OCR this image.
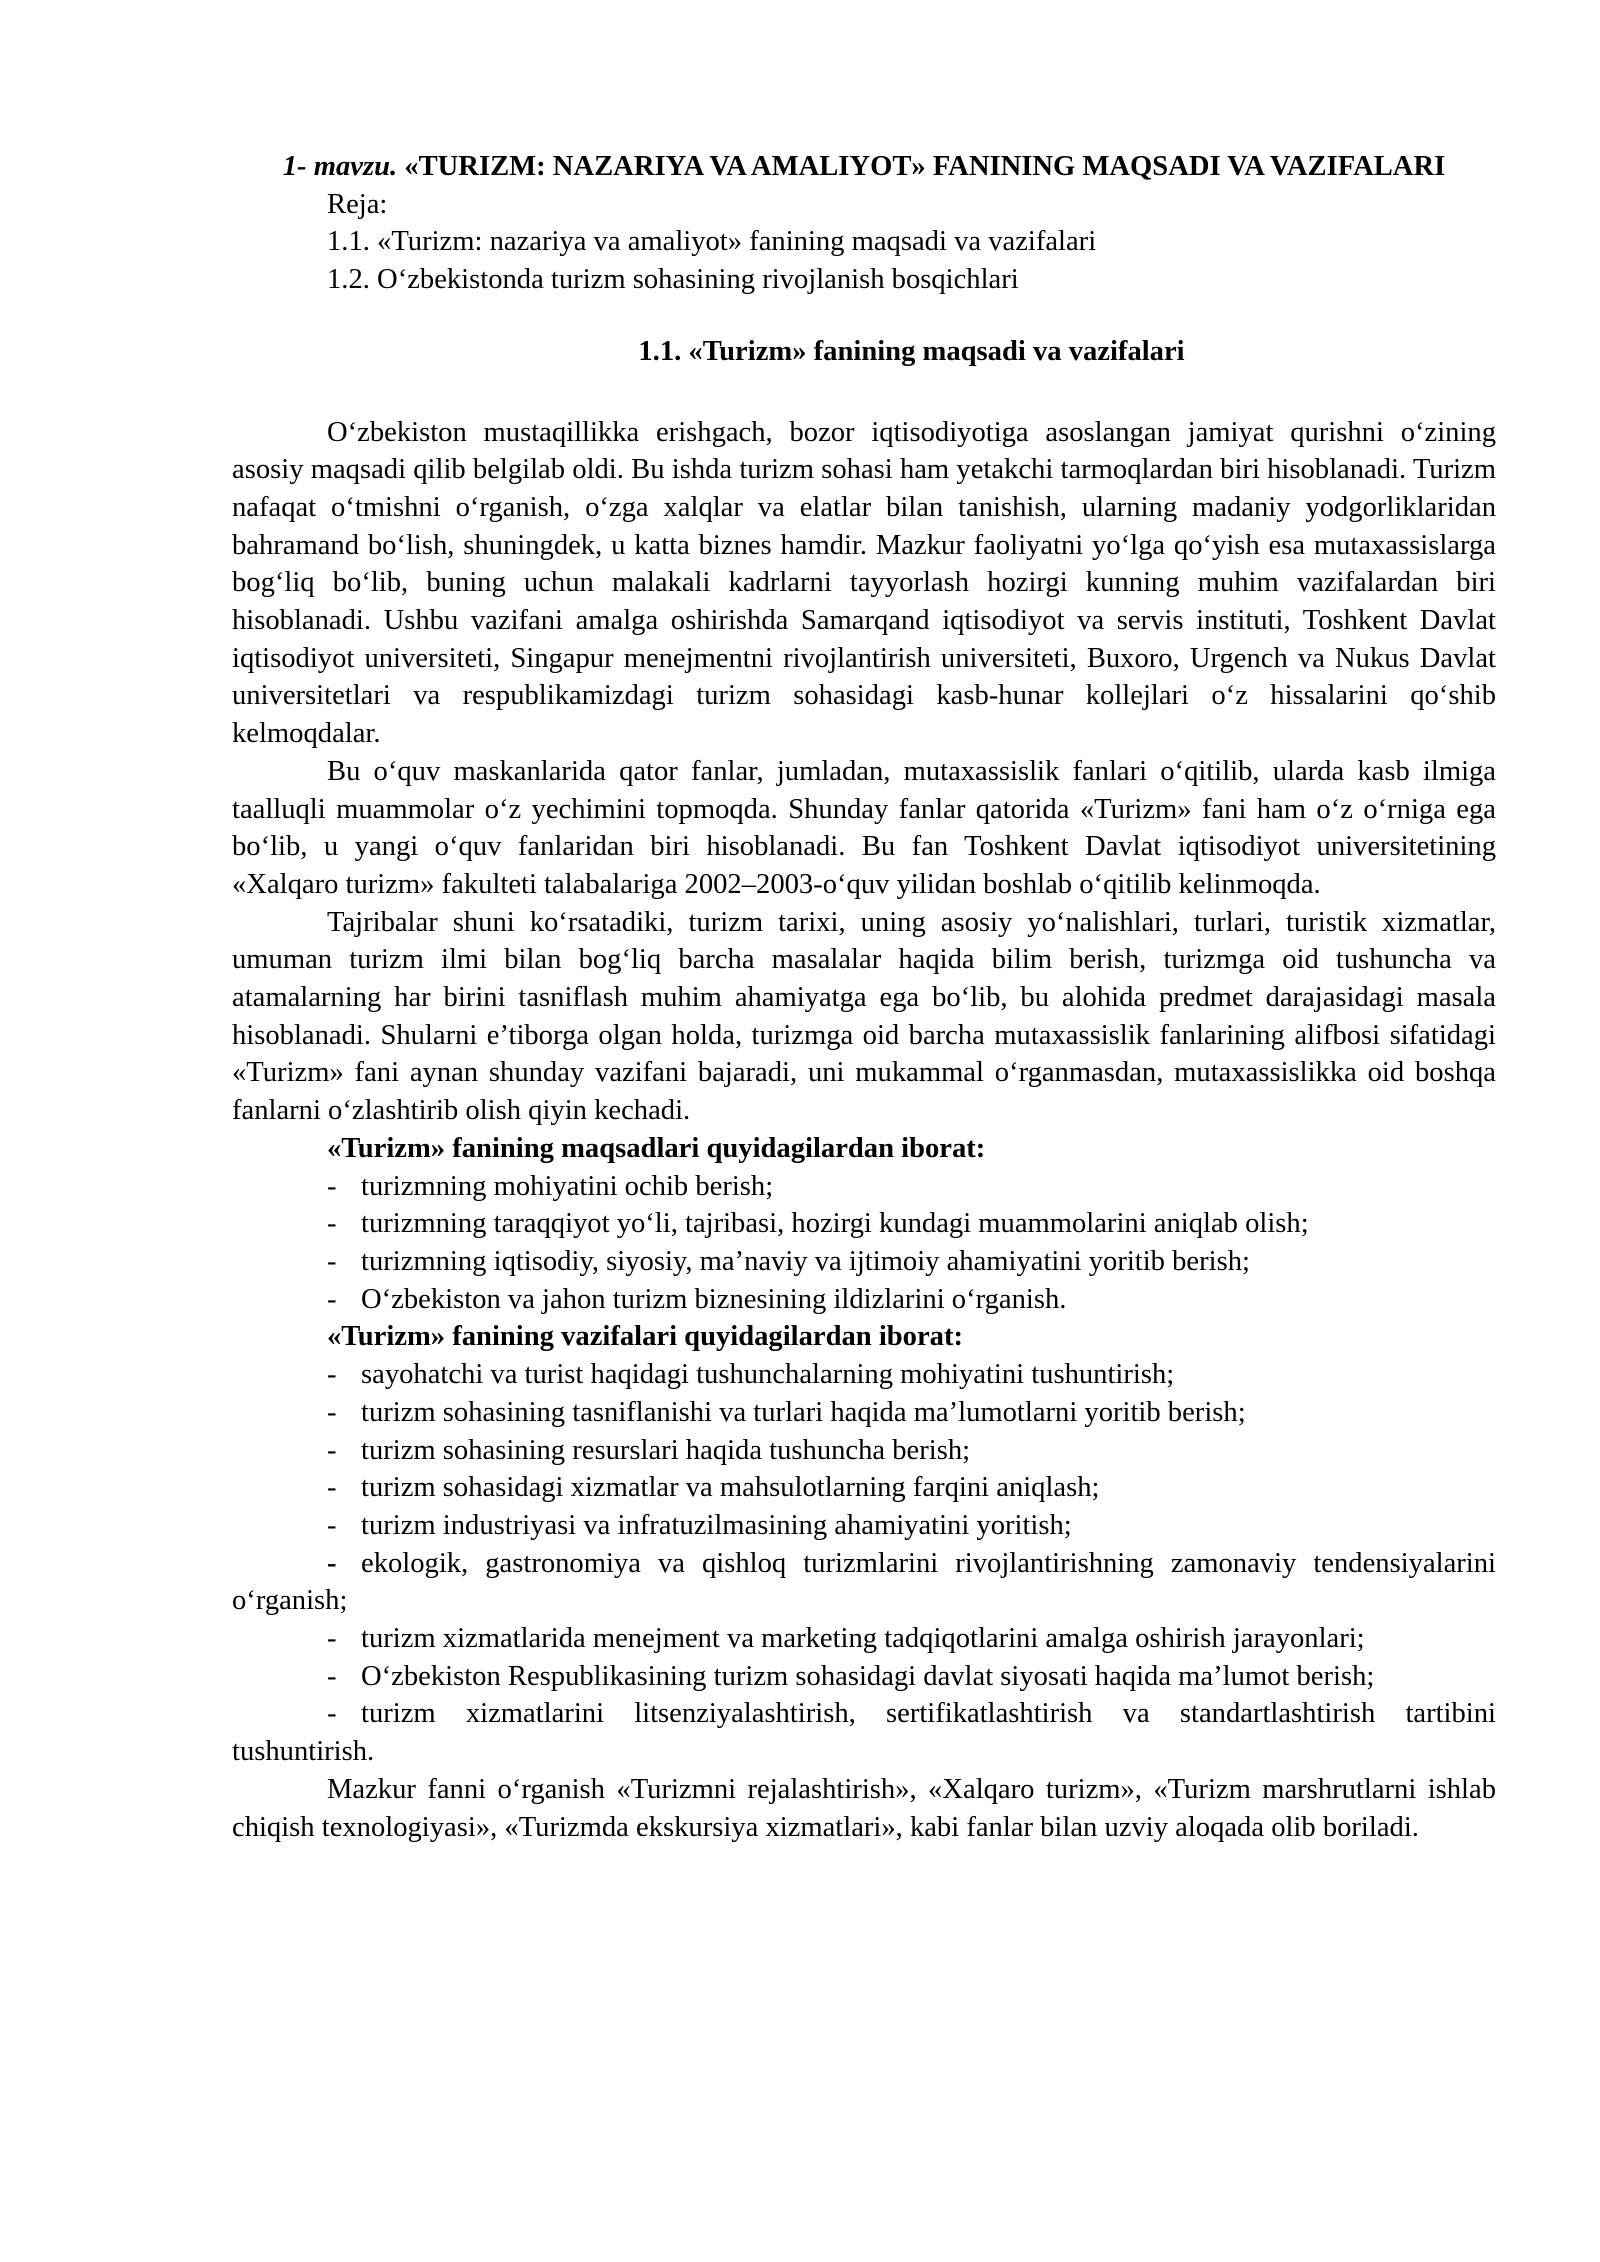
1- mavzu. «TURIZM: NAZARIYA VA AMALIYOT» FANINING MAQSADI VA VAZIFALARI
Reja:
1.1. «Turizm: nazariya va amaliyot» fanining maqsadi va vazifalari
1.2. O‘zbekistonda turizm sohasining rivojlanish bosqichlari
1.1. «Turizm» fanining maqsadi va vazifalari

O‘zbekiston mustaqillikka erishgach, bozor iqtisodiyotiga asoslangan jamiyat qurishni o‘zining asosiy maqsadi qilib belgilab oldi. Bu ishda turizm sohasi ham yetakchi tarmoqlardan biri hisoblanadi. Turizm nafaqat o‘tmishni o‘rganish, o‘zga xalqlar va elatlar bilan tanishish, ularning madaniy yodgorliklaridan bahramand bo‘lish, shuningdek, u katta biznes hamdir. Mazkur faoliyatni yo‘lga qo‘yish esa mutaxassislarga bog‘liq bo‘lib, buning uchun malakali kadrlarni tayyorlash hozirgi kunning muhim vazifalardan biri hisoblanadi. Ushbu vazifani amalga oshirishda Samarqand iqtisodiyot va servis instituti, Toshkent Davlat iqtisodiyot universiteti, Singapur menejmentni rivojlantirish universiteti, Buxoro, Urgench va Nukus Davlat universitetlari va respublikamizdagi turizm sohasidagi kasb-hunar kollejlari o‘z hissalarini qo‘shib kelmoqdalar.

Bu o‘quv maskanlarida qator fanlar, jumladan, mutaxassislik fanlari o‘qitilib, ularda kasb ilmiga taalluqli muammolar o‘z yechimini topmoqda. Shunday fanlar qatorida «Turizm» fani ham o‘z o‘rniga ega bo‘lib, u yangi o‘quv fanlaridan biri hisoblanadi. Bu fan Toshkent Davlat iqtisodiyot universitetining «Xalqaro turizm» fakulteti talabalariga 2002–2003-o‘quv yilidan boshlab o‘qitilib kelinmoqda.

Tajribalar shuni ko‘rsatadiki, turizm tarixi, uning asosiy yo‘nalishlari, turlari, turistik xizmatlar, umuman turizm ilmi bilan bog‘liq barcha masalalar haqida bilim berish, turizmga oid tushuncha va atamalarning har birini tasniflash muhim ahamiyatga ega bo‘lib, bu alohida predmet darajasidagi masala hisoblanadi. Shularni e’tiborga olgan holda, turizmga oid barcha mutaxassislik fanlarining alifbosi sifatidagi «Turizm» fani aynan shunday vazifani bajaradi, uni mukammal o‘rganmasdan, mutaxassislikka oid boshqa fanlarni o‘zlashtirib olish qiyin kechadi.

«Turizm» fanining maqsadlari quyidagilardan iborat:
- turizmning mohiyatini ochib berish;
- turizmning taraqqiyot yo‘li, tajribasi, hozirgi kundagi muammolarini aniqlab olish;
- turizmning iqtisodiy, siyosiy, ma’naviy va ijtimoiy ahamiyatini yoritib berish;
- O‘zbekiston va jahon turizm biznesining ildizlarini o‘rganish.
«Turizm» fanining vazifalari quyidagilardan iborat:
- sayohatchi va turist haqidagi tushunchalarning mohiyatini tushuntirish;
- turizm sohasining tasniflanishi va turlari haqida ma’lumotlarni yoritib berish;
- turizm sohasining resurslari haqida tushuncha berish;
- turizm sohasidagi xizmatlar va mahsulotlarning farqini aniqlash;
- turizm industriyasi va infratuzilmasining ahamiyatini yoritish;

- ekologik, gastronomiya va qishloq turizmlarini rivojlantirishning zamonaviy tendensiyalarini o‘rganish;

- turizm xizmatlarida menejment va marketing tadqiqotlarini amalga oshirish jarayonlari;

- O‘zbekiston Respublikasining turizm sohasidagi davlat siyosati haqida ma’lumot berish;

- turizm xizmatlarini litsenziyalashtirish, sertifikatlashtirish va standartlashtirish tartibini tushuntirish.

Mazkur fanni o‘rganish «Turizmni rejalashtirish», «Xalqaro turizm», «Turizm marshrutlarni ishlab chiqish texnologiyasi», «Turizmda ekskursiya xizmatlari», kabi fanlar bilan uzviy aloqada olib boriladi.
